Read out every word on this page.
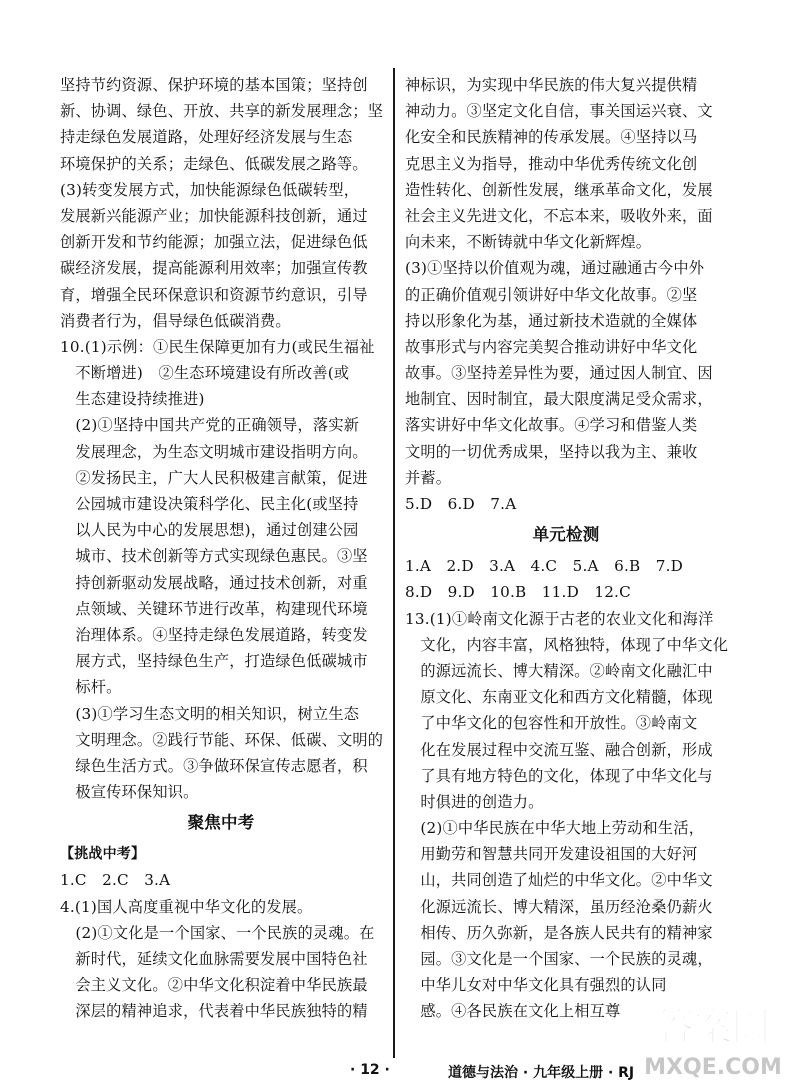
坚持节约资源、保护环境的基本国策；坚持创
新、协调、绿色、开放、共享的新发展理念；坚
持走绿色发展道路，处理好经济发展与生态
环境保护的关系；走绿色、低碳发展之路等。
(3)转变发展方式，加快能源绿色低碳转型，
发展新兴能源产业；加快能源科技创新，通过
创新开发和节约能源；加强立法，促进绿色低
碳经济发展，提高能源利用效率；加强宣传教
育，增强全民环保意识和资源节约意识，引导
消费者行为，倡导绿色低碳消费。
10.(1)示例：①民生保障更加有力(或民生福祉
　不断增进)　②生态环境建设有所改善(或
　生态建设持续推进)
　(2)①坚持中国共产党的正确领导，落实新
　发展理念，为生态文明城市建设指明方向。
　②发扬民主，广大人民积极建言献策，促进
　公园城市建设决策科学化、民主化(或坚持
　以人民为中心的发展思想)，通过创建公园
　城市、技术创新等方式实现绿色惠民。③坚
　持创新驱动发展战略，通过技术创新，对重
　点领域、关键环节进行改革，构建现代环境
　治理体系。④坚持走绿色发展道路，转变发
　展方式，坚持绿色生产，打造绿色低碳城市
　标杆。
　(3)①学习生态文明的相关知识，树立生态
　文明理念。②践行节能、环保、低碳、文明的
　绿色生活方式。③争做环保宣传志愿者，积
　极宣传环保知识。
聚焦中考
【挑战中考】
1.C　2.C　3.A
4.(1)国人高度重视中华文化的发展。
　(2)①文化是一个国家、一个民族的灵魂。在
　新时代，延续文化血脉需要发展中国特色社
　会主义文化。②中华文化积淀着中华民族最
　深层的精神追求，代表着中华民族独特的精
神标识，为实现中华民族的伟大复兴提供精
神动力。③坚定文化自信，事关国运兴衰、文
化安全和民族精神的传承发展。④坚持以马
克思主义为指导，推动中华优秀传统文化创
造性转化、创新性发展，继承革命文化，发展
社会主义先进文化，不忘本来，吸收外来，面
向未来，不断铸就中华文化新辉煌。
(3)①坚持以价值观为魂，通过融通古今中外
的正确价值观引领讲好中华文化故事。②坚
持以形象化为基，通过新技术造就的全媒体
故事形式与内容完美契合推动讲好中华文化
故事。③坚持差异性为要，通过因人制宜、因
地制宜、因时制宜，最大限度满足受众需求，
落实讲好中华文化故事。④学习和借鉴人类
文明的一切优秀成果，坚持以我为主、兼收
并蓄。
5.D　6.D　7.A
单元检测
1.A　2.D　3.A　4.C　5.A　6.B　7.D
8.D　9.D　10.B　11.D　12.C
13.(1)①岭南文化源于古老的农业文化和海洋
　文化，内容丰富，风格独特，体现了中华文化
　的源远流长、博大精深。②岭南文化融汇中
　原文化、东南亚文化和西方文化精髓，体现
　了中华文化的包容性和开放性。③岭南文
　化在发展过程中交流互鉴、融合创新，形成
　了具有地方特色的文化，体现了中华文化与
　时俱进的创造力。
　(2)①中华民族在中华大地上劳动和生活，
　用勤劳和智慧共同开发建设祖国的大好河
　山，共同创造了灿烂的中华文化。②中华文
　化源远流长、博大精深，虽历经沧桑仍薪火
　相传、历久弥新，是各族人民共有的精神家
　园。③文化是一个国家、一个民族的灵魂，
　中华儿女对中华文化具有强烈的认同
　感。④各民族在文化上相互尊
· 12 ·	道德与法治 · 九年级上册 · RJ
答案圈
MXQE.COM
